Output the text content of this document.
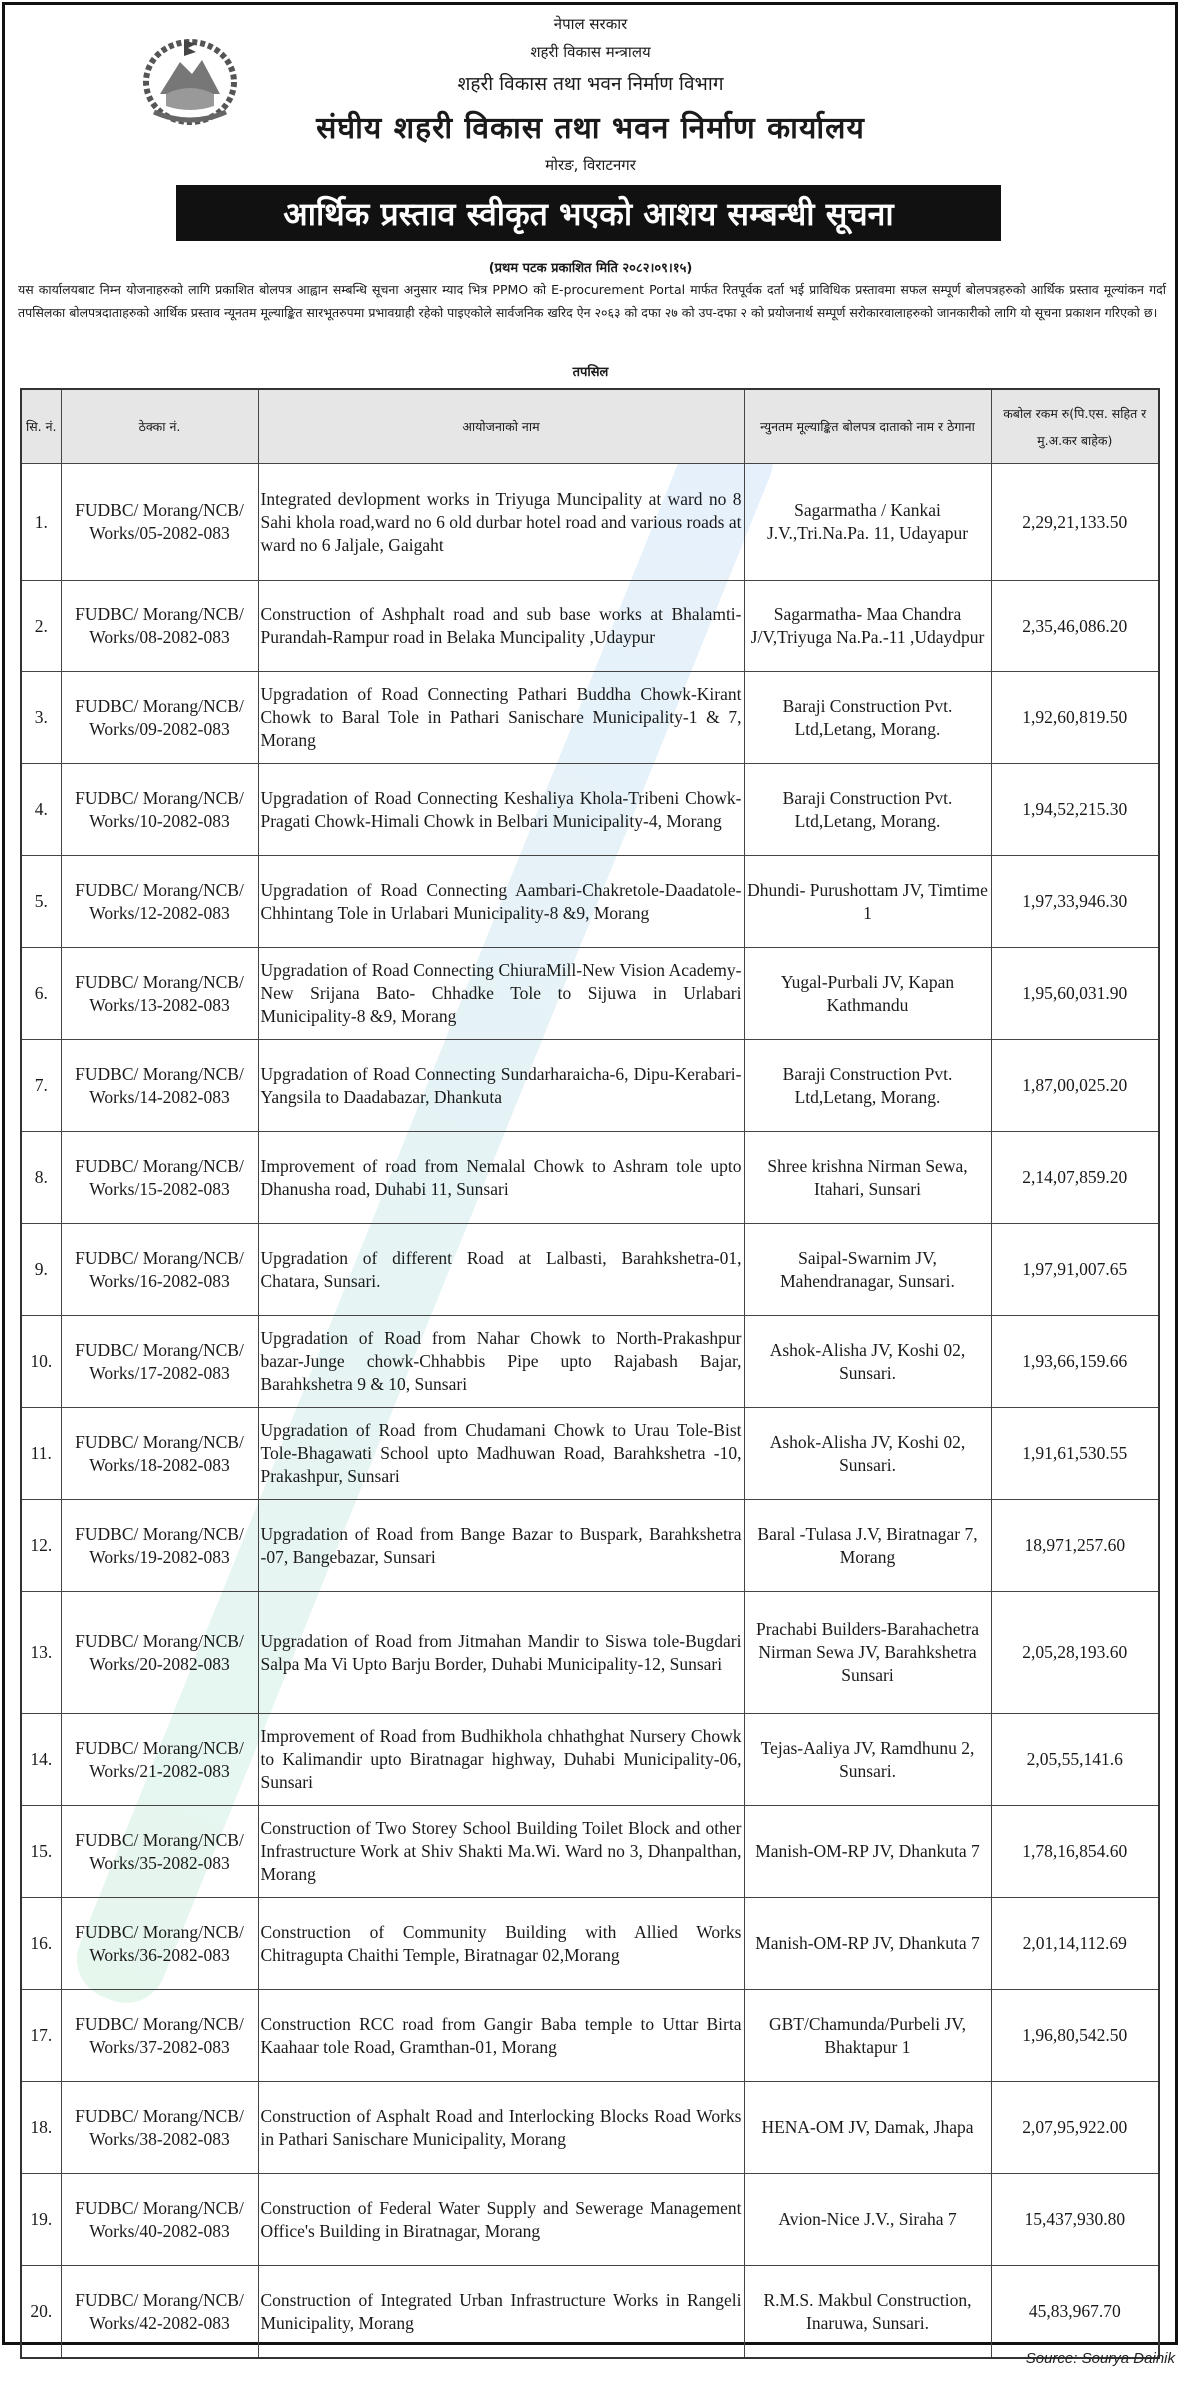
नेपाल सरकार
शहरी विकास मन्त्रालय
शहरी विकास तथा भवन निर्माण विभाग
संघीय शहरी विकास तथा भवन निर्माण कार्यालय
मोरङ, विराटनगर
आर्थिक प्रस्ताव स्वीकृत भएको आशय सम्बन्धी सूचना
(प्रथम पटक प्रकाशित मिति २०८२।०९।१५)
यस कार्यालयबाट निम्न योजनाहरुको लागि प्रकाशित बोलपत्र आह्वान सम्बन्धि सूचना अनुसार म्याद भित्र PPMO को E-procurement Portal मार्फत रितपूर्वक दर्ता भई प्राविधिक प्रस्तावमा सफल सम्पूर्ण बोलपत्रहरुको आर्थिक प्रस्ताव मूल्यांकन गर्दा तपसिलका बोलपत्रदाताहरुको आर्थिक प्रस्ताव न्यूनतम मूल्याङ्कित सारभूतरुपमा प्रभावग्राही रहेको पाइएकोले सार्वजनिक खरिद ऐन २०६३ को दफा २७ को उप-दफा २ को प्रयोजनार्थ सम्पूर्ण सरोकारवालाहरुको जानकारीको लागि यो सूचना प्रकाशन गरिएको छ।
तपसिल
सि. नं.	ठेक्का नं.	आयोजनाको नाम	न्युनतम मूल्याङ्कित बोलपत्र दाताको नाम र ठेगाना	कबोल रकम रु(पि.एस. सहित र मु.अ.कर बाहेक)
1.	FUDBC/ Morang/NCB/ Works/05-2082-083	Integrated devlopment works in Triyuga Muncipality at ward no 8 Sahi khola road,ward no 6 old durbar hotel road and various roads at ward no 6 Jaljale, Gaigaht	Sagarmatha / Kankai J.V.,Tri.Na.Pa. 11, Udayapur	2,29,21,133.50
2.	FUDBC/ Morang/NCB/ Works/08-2082-083	Construction of Ashphalt road and sub base works at Bhalamti-Purandah-Rampur road in Belaka Muncipality ,Udaypur	Sagarmatha- Maa Chandra J/V,Triyuga Na.Pa.-11 ,Udaydpur	2,35,46,086.20
3.	FUDBC/ Morang/NCB/ Works/09-2082-083	Upgradation of Road Connecting Pathari Buddha Chowk-Kirant Chowk to Baral Tole in Pathari Sanischare Municipality-1 & 7, Morang	Baraji Construction Pvt. Ltd,Letang, Morang.	1,92,60,819.50
4.	FUDBC/ Morang/NCB/ Works/10-2082-083	Upgradation of Road Connecting Keshaliya Khola-Tribeni Chowk-Pragati Chowk-Himali Chowk in Belbari Municipality-4, Morang	Baraji Construction Pvt. Ltd,Letang, Morang.	1,94,52,215.30
5.	FUDBC/ Morang/NCB/ Works/12-2082-083	Upgradation of Road Connecting Aambari-Chakretole-Daadatole-Chhintang Tole in Urlabari Municipality-8 &9, Morang	Dhundi- Purushottam JV, Timtime 1	1,97,33,946.30
6.	FUDBC/ Morang/NCB/ Works/13-2082-083	Upgradation of Road Connecting ChiuraMill-New Vision Academy-New Srijana Bato- Chhadke Tole to Sijuwa in Urlabari Municipality-8 &9, Morang	Yugal-Purbali JV, Kapan Kathmandu	1,95,60,031.90
7.	FUDBC/ Morang/NCB/ Works/14-2082-083	Upgradation of Road Connecting Sundarharaicha-6, Dipu-Kerabari-Yangsila to Daadabazar, Dhankuta	Baraji Construction Pvt. Ltd,Letang, Morang.	1,87,00,025.20
8.	FUDBC/ Morang/NCB/ Works/15-2082-083	Improvement of road from Nemalal Chowk to Ashram tole upto Dhanusha road, Duhabi 11, Sunsari	Shree krishna Nirman Sewa, Itahari, Sunsari	2,14,07,859.20
9.	FUDBC/ Morang/NCB/ Works/16-2082-083	Upgradation of different Road at Lalbasti, Barahkshetra-01, Chatara, Sunsari.	Saipal-Swarnim JV, Mahendranagar, Sunsari.	1,97,91,007.65
10.	FUDBC/ Morang/NCB/ Works/17-2082-083	Upgradation of Road from Nahar Chowk to North-Prakashpur bazar-Junge chowk-Chhabbis Pipe upto Rajabash Bajar, Barahkshetra 9 & 10, Sunsari	Ashok-Alisha JV, Koshi 02, Sunsari.	1,93,66,159.66
11.	FUDBC/ Morang/NCB/ Works/18-2082-083	Upgradation of Road from Chudamani Chowk to Urau Tole-Bist Tole-Bhagawati School upto Madhuwan Road, Barahkshetra -10, Prakashpur, Sunsari	Ashok-Alisha JV, Koshi 02, Sunsari.	1,91,61,530.55
12.	FUDBC/ Morang/NCB/ Works/19-2082-083	Upgradation of Road from Bange Bazar to Buspark, Barahkshetra -07, Bangebazar, Sunsari	Baral -Tulasa J.V, Biratnagar 7, Morang	18,971,257.60
13.	FUDBC/ Morang/NCB/ Works/20-2082-083	Upgradation of Road from Jitmahan Mandir to Siswa tole-Bugdari Salpa Ma Vi Upto Barju Border, Duhabi Municipality-12, Sunsari	Prachabi Builders-Barahachetra Nirman Sewa JV, Barahkshetra Sunsari	2,05,28,193.60
14.	FUDBC/ Morang/NCB/ Works/21-2082-083	Improvement of Road from Budhikhola chhathghat Nursery Chowk to Kalimandir upto Biratnagar highway, Duhabi Municipality-06, Sunsari	Tejas-Aaliya JV, Ramdhunu 2, Sunsari.	2,05,55,141.6
15.	FUDBC/ Morang/NCB/ Works/35-2082-083	Construction of Two Storey School Building Toilet Block and other Infrastructure Work at Shiv Shakti Ma.Wi. Ward no 3, Dhanpalthan, Morang	Manish-OM-RP JV, Dhankuta 7	1,78,16,854.60
16.	FUDBC/ Morang/NCB/ Works/36-2082-083	Construction of Community Building with Allied Works Chitragupta Chaithi Temple, Biratnagar 02,Morang	Manish-OM-RP JV, Dhankuta 7	2,01,14,112.69
17.	FUDBC/ Morang/NCB/ Works/37-2082-083	Construction RCC road from Gangir Baba temple to Uttar Birta Kaahaar tole Road, Gramthan-01, Morang	GBT/Chamunda/Purbeli JV, Bhaktapur 1	1,96,80,542.50
18.	FUDBC/ Morang/NCB/ Works/38-2082-083	Construction of Asphalt Road and Interlocking Blocks Road Works in Pathari Sanischare Municipality, Morang	HENA-OM JV, Damak, Jhapa	2,07,95,922.00
19.	FUDBC/ Morang/NCB/ Works/40-2082-083	Construction of Federal Water Supply and Sewerage Management Office's Building in Biratnagar, Morang	Avion-Nice J.V., Siraha 7	15,437,930.80
20.	FUDBC/ Morang/NCB/ Works/42-2082-083	Construction of Integrated Urban Infrastructure Works in Rangeli Municipality, Morang	R.M.S. Makbul Construction, Inaruwa, Sunsari.	45,83,967.70
Source: Sourya Dainik
